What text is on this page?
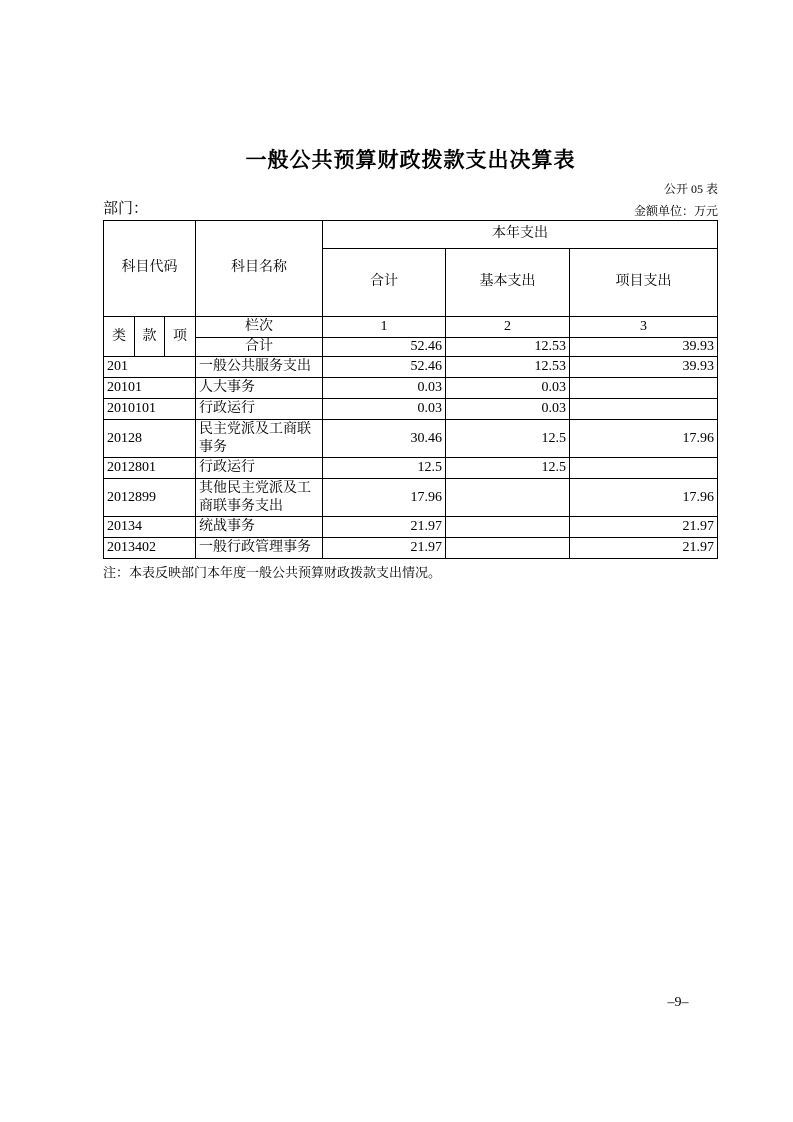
一般公共预算财政拨款支出决算表
公开 05 表
部门：	金额单位：万元
科目代码			科目名称	本年支出		
				合计	基本支出	项目支出
类	款	项	栏次	1	2	3
			合计	52.46	12.53	39.93
201			一般公共服务支出	52.46	12.53	39.93
20101			人大事务	0.03	0.03	
2010101			行政运行	0.03	0.03	
20128			民主党派及工商联事务	30.46	12.5	17.96
2012801			行政运行	12.5	12.5	
2012899			其他民主党派及工商联事务支出	17.96		17.96
20134			统战事务	21.97		21.97
2013402			一般行政管理事务	21.97		21.97
注：本表反映部门本年度一般公共预算财政拨款支出情况。
–9–
